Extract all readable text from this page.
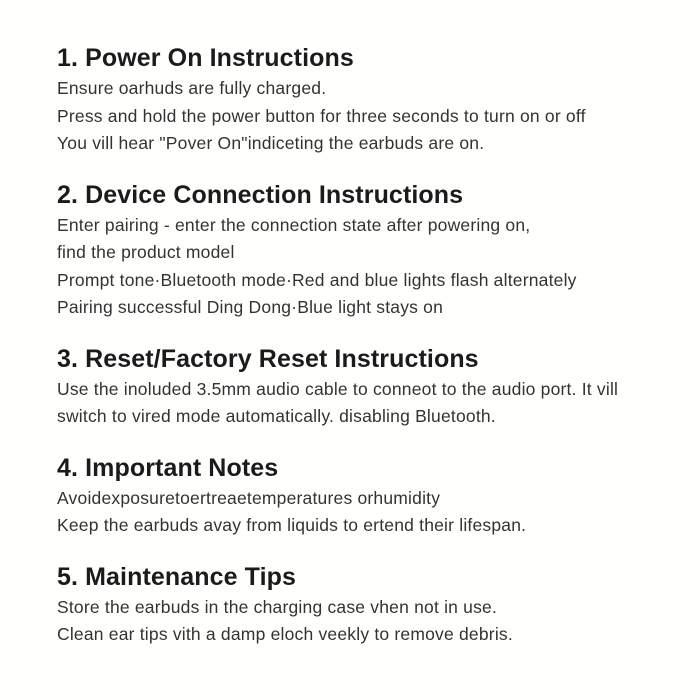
1. Power On Instructions

Ensure oarhuds are fully charged.

Press and hold the power button for three seconds to turn on or off

You vill hear "Pover On"indiceting the earbuds are on.

2. Device Connection Instructions

Enter pairing - enter the connection state after powering on,

find the product model

Prompt tone·Bluetooth mode·Red and blue lights flash alternately

Pairing successful Ding Dong·Blue light stays on

3. Reset/Factory Reset Instructions

Use the inoluded 3.5mm audio cable to conneot to the audio port. It vill

switch to vired mode automatically. disabling Bluetooth.

4. Important Notes

Avoidexposuretoertreaetemperatures orhumidity

Keep the earbuds avay from liquids to ertend their lifespan.

5. Maintenance Tips

Store the earbuds in the charging case vhen not in use.

Clean ear tips vith a damp eloch veekly to remove debris.
